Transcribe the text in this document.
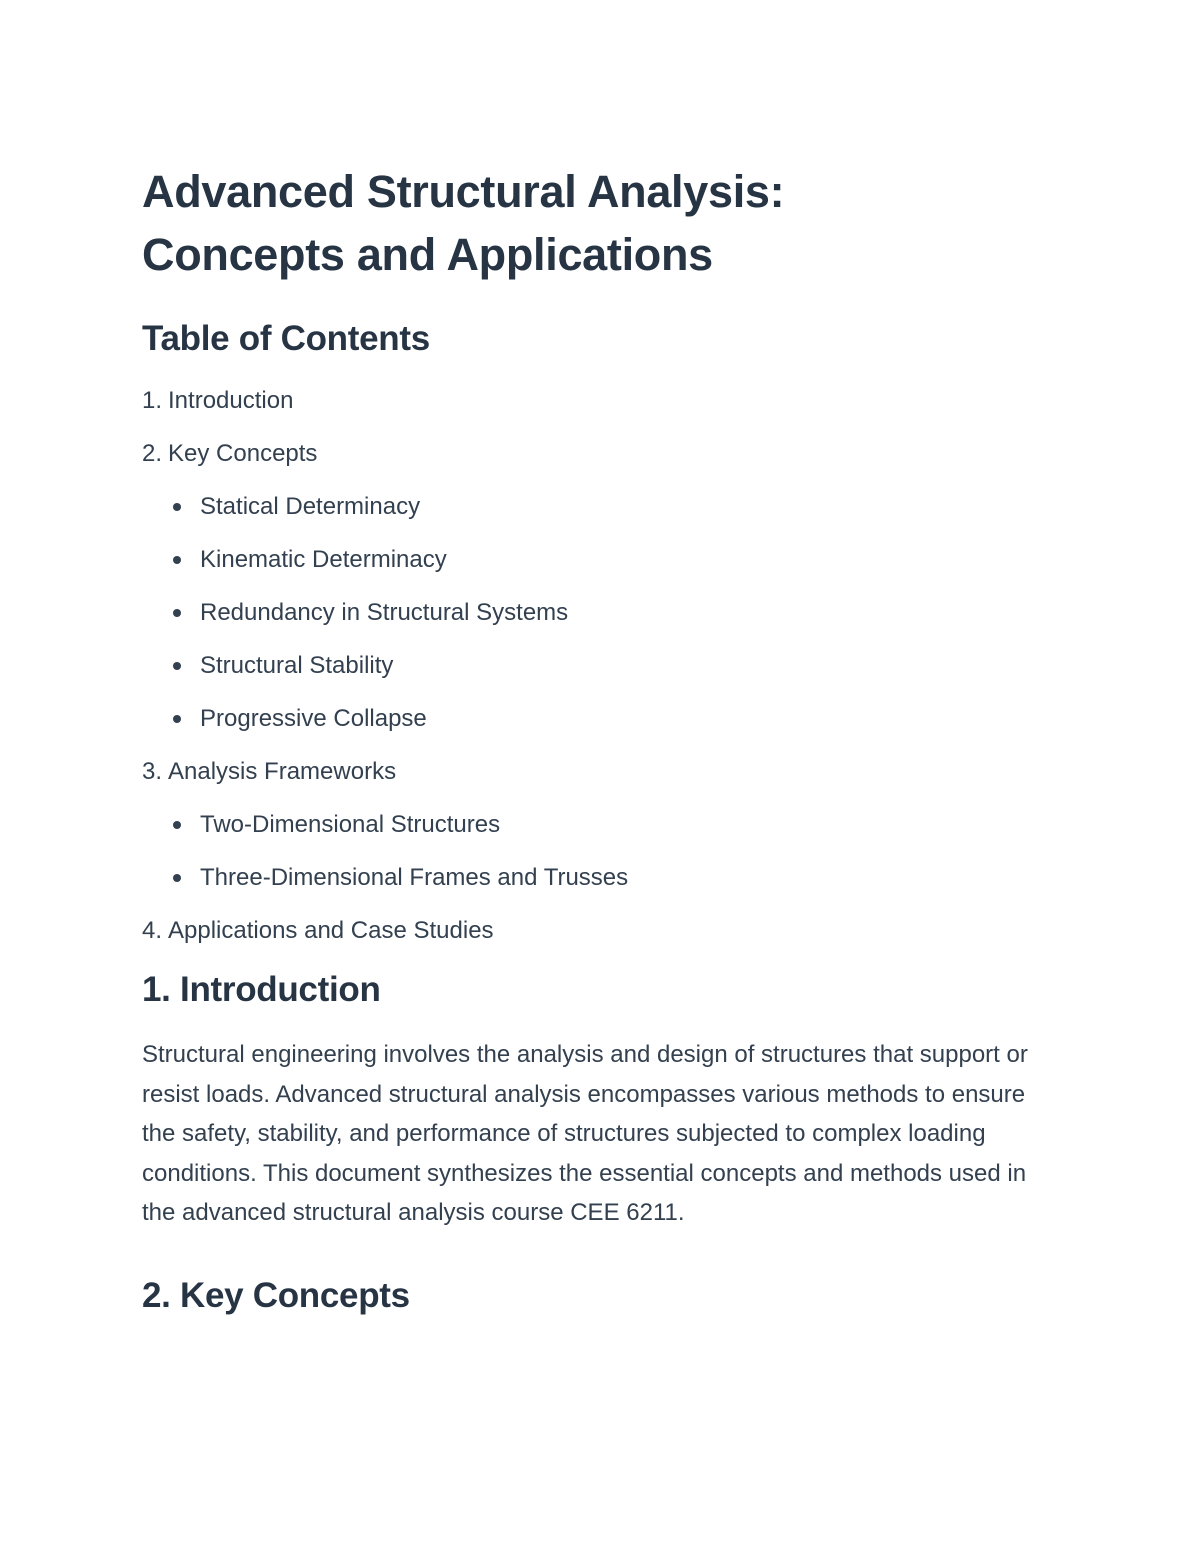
Advanced Structural Analysis:
Concepts and Applications
Table of Contents
1. Introduction
2. Key Concepts
Statical Determinacy
Kinematic Determinacy
Redundancy in Structural Systems
Structural Stability
Progressive Collapse
3. Analysis Frameworks
Two-Dimensional Structures
Three-Dimensional Frames and Trusses
4. Applications and Case Studies
1. Introduction

Structural engineering involves the analysis and design of structures that support or resist loads. Advanced structural analysis encompasses various methods to ensure the safety, stability, and performance of structures subjected to complex loading conditions. This document synthesizes the essential concepts and methods used in the advanced structural analysis course CEE 6211.

2. Key Concepts
